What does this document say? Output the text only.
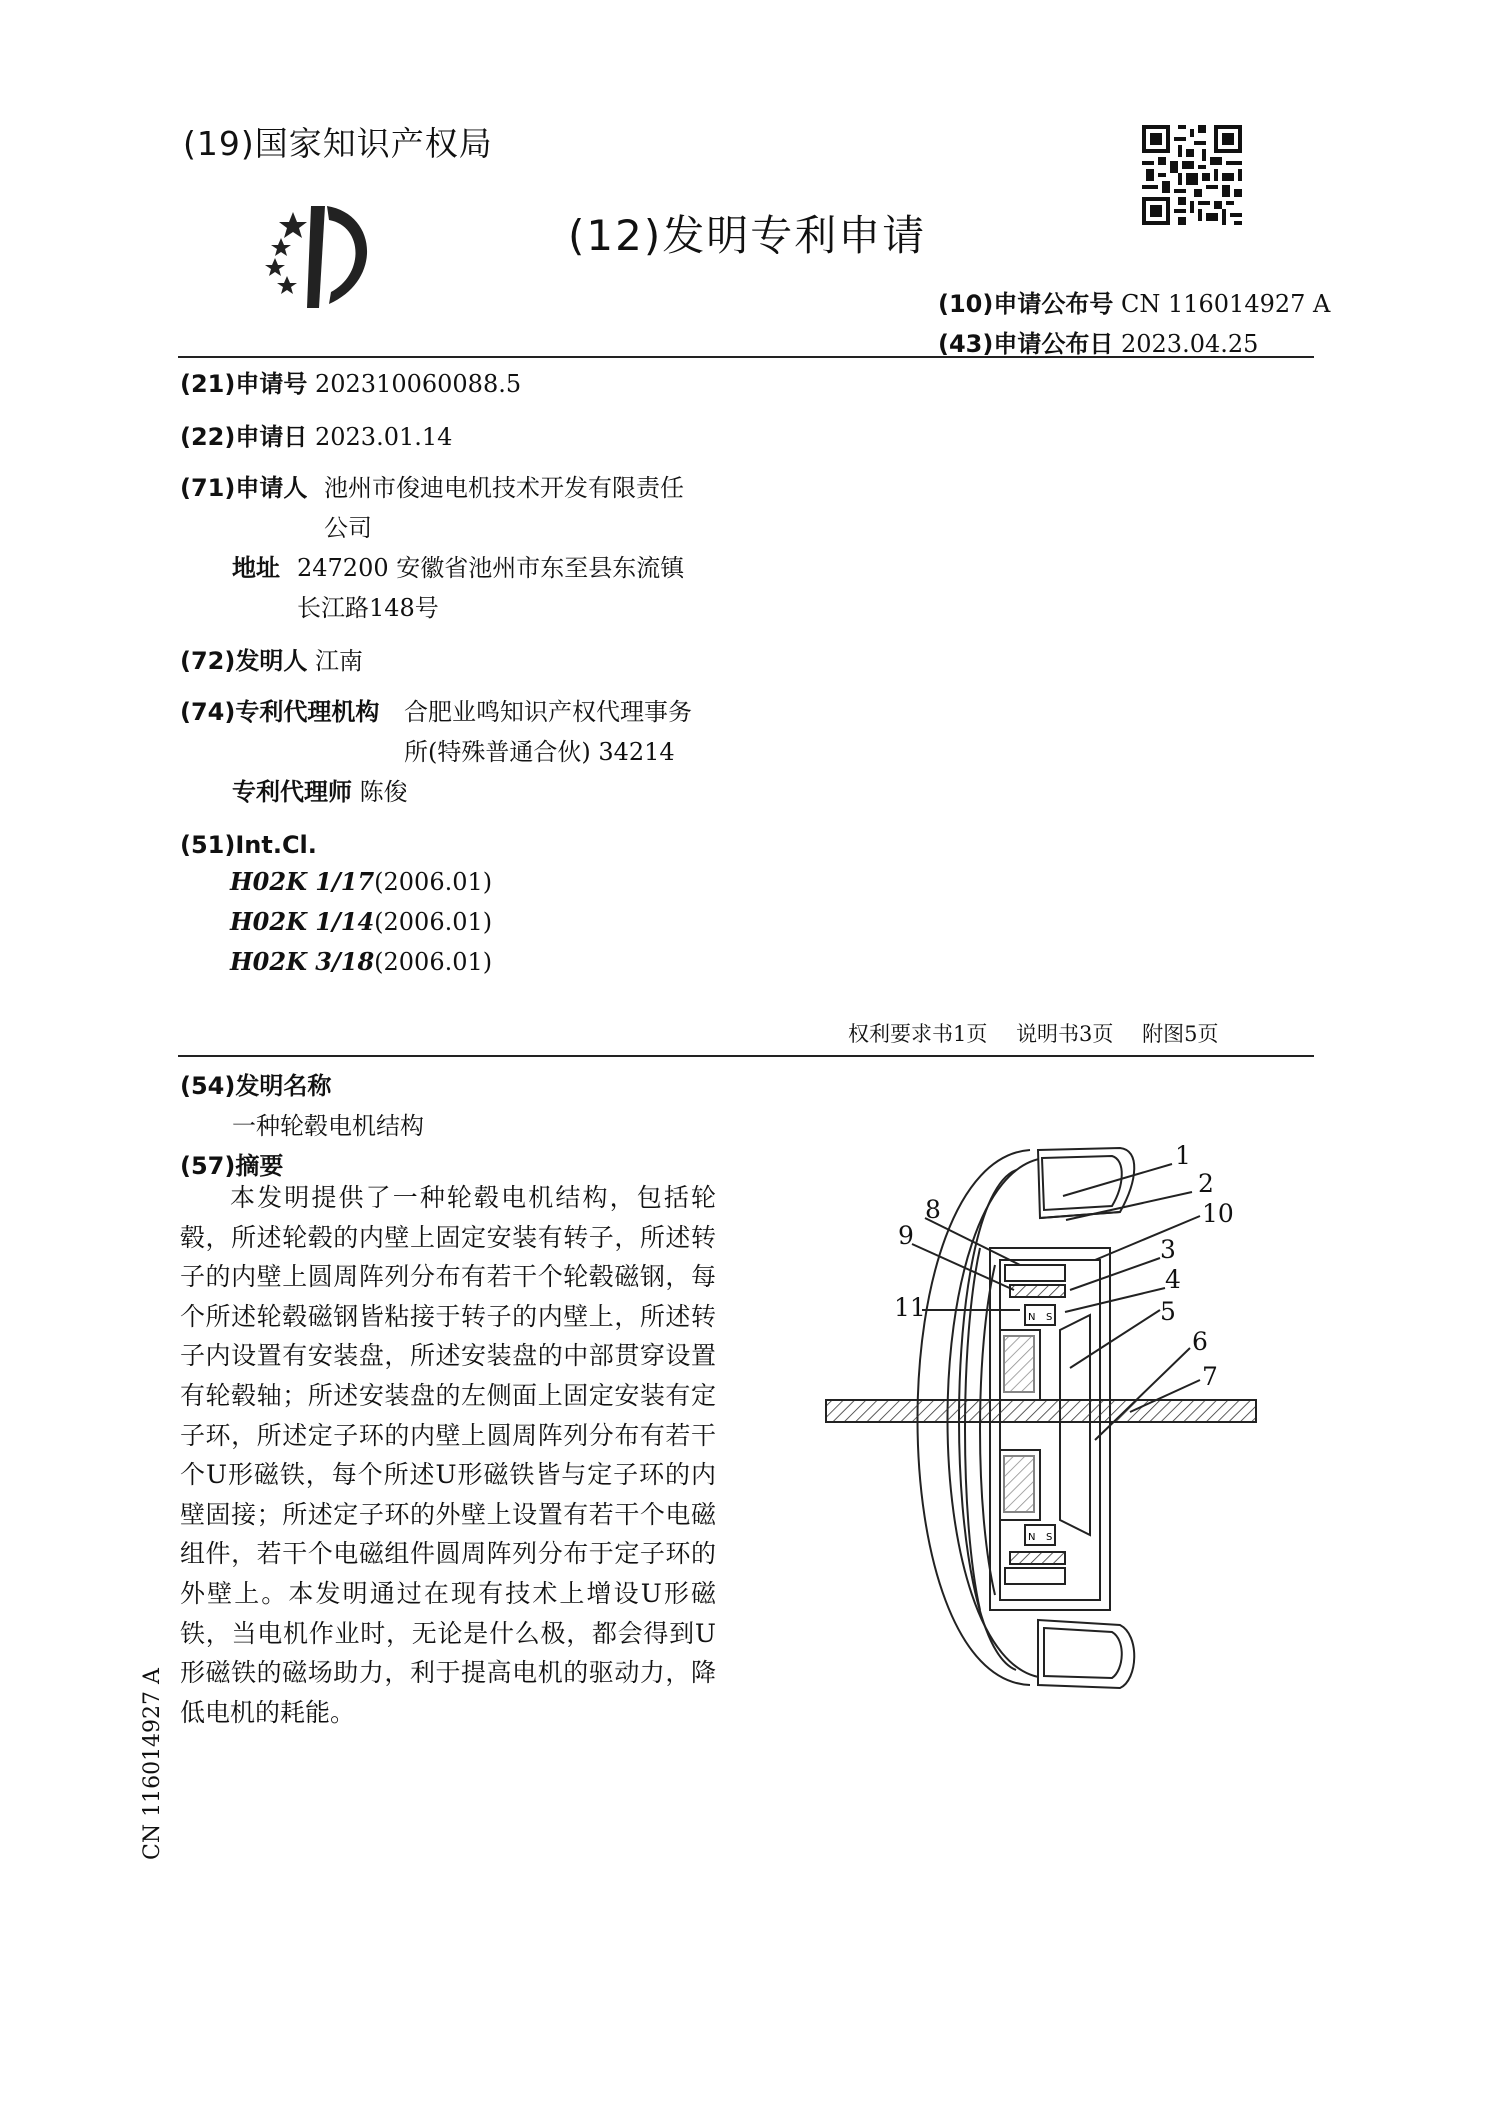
(19)国家知识产权局
(12)发明专利申请
(10)申请公布号 CN 116014927 A
(43)申请公布日 2023.04.25
(21)申请号 202310060088.5
(22)申请日 2023.01.14
(71)申请人 池州市俊迪电机技术开发有限责任
公司
地址 247200 安徽省池州市东至县东流镇
长江路148号
(72)发明人 江南
(74)专利代理机构 合肥业鸣知识产权代理事务
所(特殊普通合伙) 34214
专利代理师 陈俊
(51)Int.Cl.
H02K 1/17(2006.01)
H02K 1/14(2006.01)
H02K 3/18(2006.01)
权利要求书1页 说明书3页 附图5页
(54)发明名称
一种轮毂电机结构
(57)摘要
本发明提供了一种轮毂电机结构，包括轮毂，所述轮毂的内壁上固定安装有转子，所述转子的内壁上圆周阵列分布有若干个轮毂磁钢，每个所述轮毂磁钢皆粘接于转子的内壁上，所述转子内设置有安装盘，所述安装盘的中部贯穿设置有轮毂轴；所述安装盘的左侧面上固定安装有定子环，所述定子环的内壁上圆周阵列分布有若干个U形磁铁，每个所述U形磁铁皆与定子环的内壁固接；所述定子环的外壁上设置有若干个电磁组件，若干个电磁组件圆周阵列分布于定子环的外壁上。本发明通过在现有技术上增设U形磁铁，当电机作业时，无论是什么极，都会得到U形磁铁的磁场助力，利于提高电机的驱动力，降低电机的耗能。
CN 116014927 A
N S
N S
1
2
3
4
5
6
7
8
9
10
11
